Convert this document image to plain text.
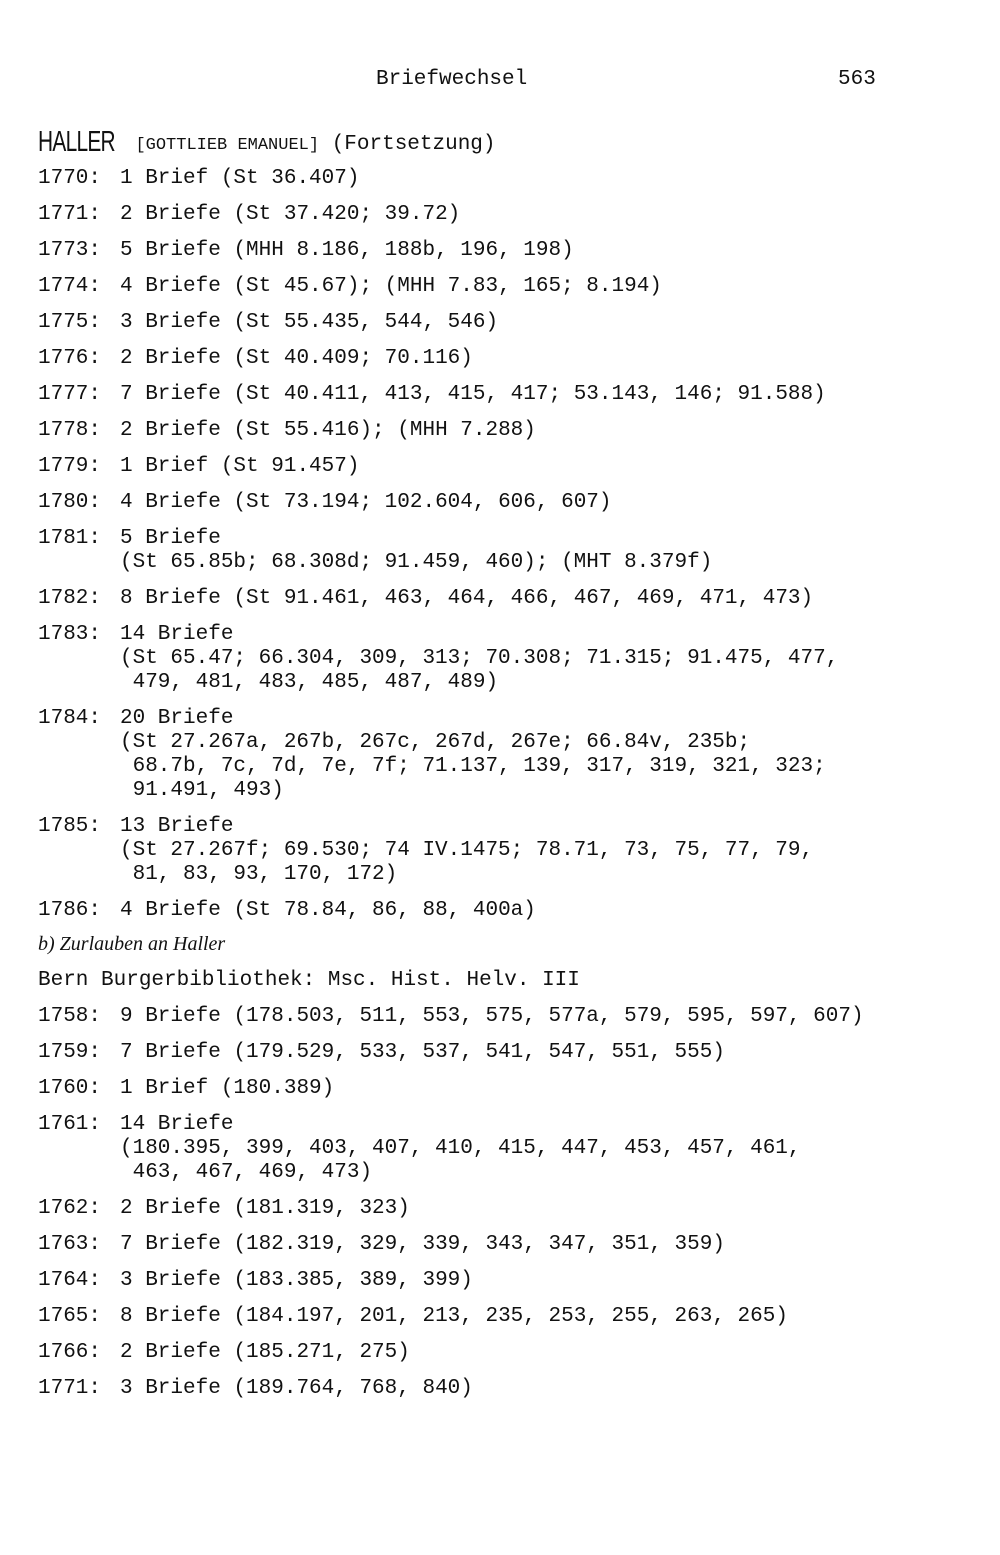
Briefwechsel	563
HALLER [GOTTLIEB EMANUEL] (Fortsetzung)
1770: 1 Brief (St 36.407)
1771: 2 Briefe (St 37.420; 39.72)
1773: 5 Briefe (MHH 8.186, 188b, 196, 198)
1774: 4 Briefe (St 45.67); (MHH 7.83, 165; 8.194)
1775: 3 Briefe (St 55.435, 544, 546)
1776: 2 Briefe (St 40.409; 70.116)
1777: 7 Briefe (St 40.411, 413, 415, 417; 53.143, 146; 91.588)
1778: 2 Briefe (St 55.416); (MHH 7.288)
1779: 1 Brief (St 91.457)
1780: 4 Briefe (St 73.194; 102.604, 606, 607)
1781: 5 Briefe
(St 65.85b; 68.308d; 91.459, 460); (MHT 8.379f)
1782: 8 Briefe (St 91.461, 463, 464, 466, 467, 469, 471, 473)
1783: 14 Briefe
(St 65.47; 66.304, 309, 313; 70.308; 71.315; 91.475, 477,
479, 481, 483, 485, 487, 489)
1784: 20 Briefe
(St 27.267a, 267b, 267c, 267d, 267e; 66.84v, 235b;
68.7b, 7c, 7d, 7e, 7f; 71.137, 139, 317, 319, 321, 323;
91.491, 493)
1785: 13 Briefe
(St 27.267f; 69.530; 74 IV.1475; 78.71, 73, 75, 77, 79,
81, 83, 93, 170, 172)
1786: 4 Briefe (St 78.84, 86, 88, 400a)
b) Zurlauben an Haller
Bern Burgerbibliothek: Msc. Hist. Helv. III
1758: 9 Briefe (178.503, 511, 553, 575, 577a, 579, 595, 597, 607)
1759: 7 Briefe (179.529, 533, 537, 541, 547, 551, 555)
1760: 1 Brief (180.389)
1761: 14 Briefe
(180.395, 399, 403, 407, 410, 415, 447, 453, 457, 461,
463, 467, 469, 473)
1762: 2 Briefe (181.319, 323)
1763: 7 Briefe (182.319, 329, 339, 343, 347, 351, 359)
1764: 3 Briefe (183.385, 389, 399)
1765: 8 Briefe (184.197, 201, 213, 235, 253, 255, 263, 265)
1766: 2 Briefe (185.271, 275)
1771: 3 Briefe (189.764, 768, 840)
